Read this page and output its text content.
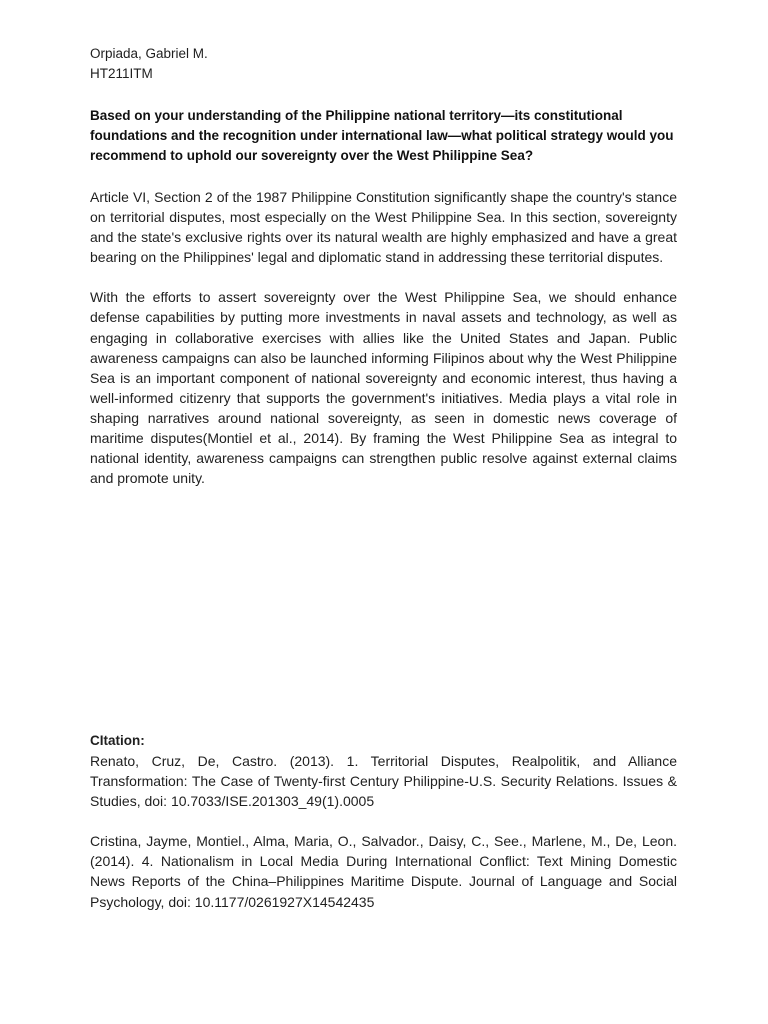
Orpiada, Gabriel M.

HT211ITM

Based on your understanding of the Philippine national territory—its constitutional foundations and the recognition under international law—what political strategy would you recommend to uphold our sovereignty over the West Philippine Sea?

Article VI, Section 2 of the 1987 Philippine Constitution significantly shape the country's stance on territorial disputes, most especially on the West Philippine Sea. In this section, sovereignty and the state's exclusive rights over its natural wealth are highly emphasized and have a great bearing on the Philippines' legal and diplomatic stand in addressing these territorial disputes.

With the efforts to assert sovereignty over the West Philippine Sea, we should enhance defense capabilities by putting more investments in naval assets and technology, as well as engaging in collaborative exercises with allies like the United States and Japan. Public awareness campaigns can also be launched informing Filipinos about why the West Philippine Sea is an important component of national sovereignty and economic interest, thus having a well-informed citizenry that supports the government's initiatives. Media plays a vital role in shaping narratives around national sovereignty, as seen in domestic news coverage of maritime disputes(Montiel et al., 2014). By framing the West Philippine Sea as integral to national identity, awareness campaigns can strengthen public resolve against external claims and promote unity.

CItation:

Renato, Cruz, De, Castro. (2013). 1. Territorial Disputes, Realpolitik, and Alliance Transformation: The Case of Twenty-first Century Philippine-U.S. Security Relations. Issues & Studies, doi: 10.7033/ISE.201303_49(1).0005

Cristina, Jayme, Montiel., Alma, Maria, O., Salvador., Daisy, C., See., Marlene, M., De, Leon. (2014). 4. Nationalism in Local Media During International Conflict: Text Mining Domestic News Reports of the China–Philippines Maritime Dispute. Journal of Language and Social Psychology, doi: 10.1177/0261927X14542435
